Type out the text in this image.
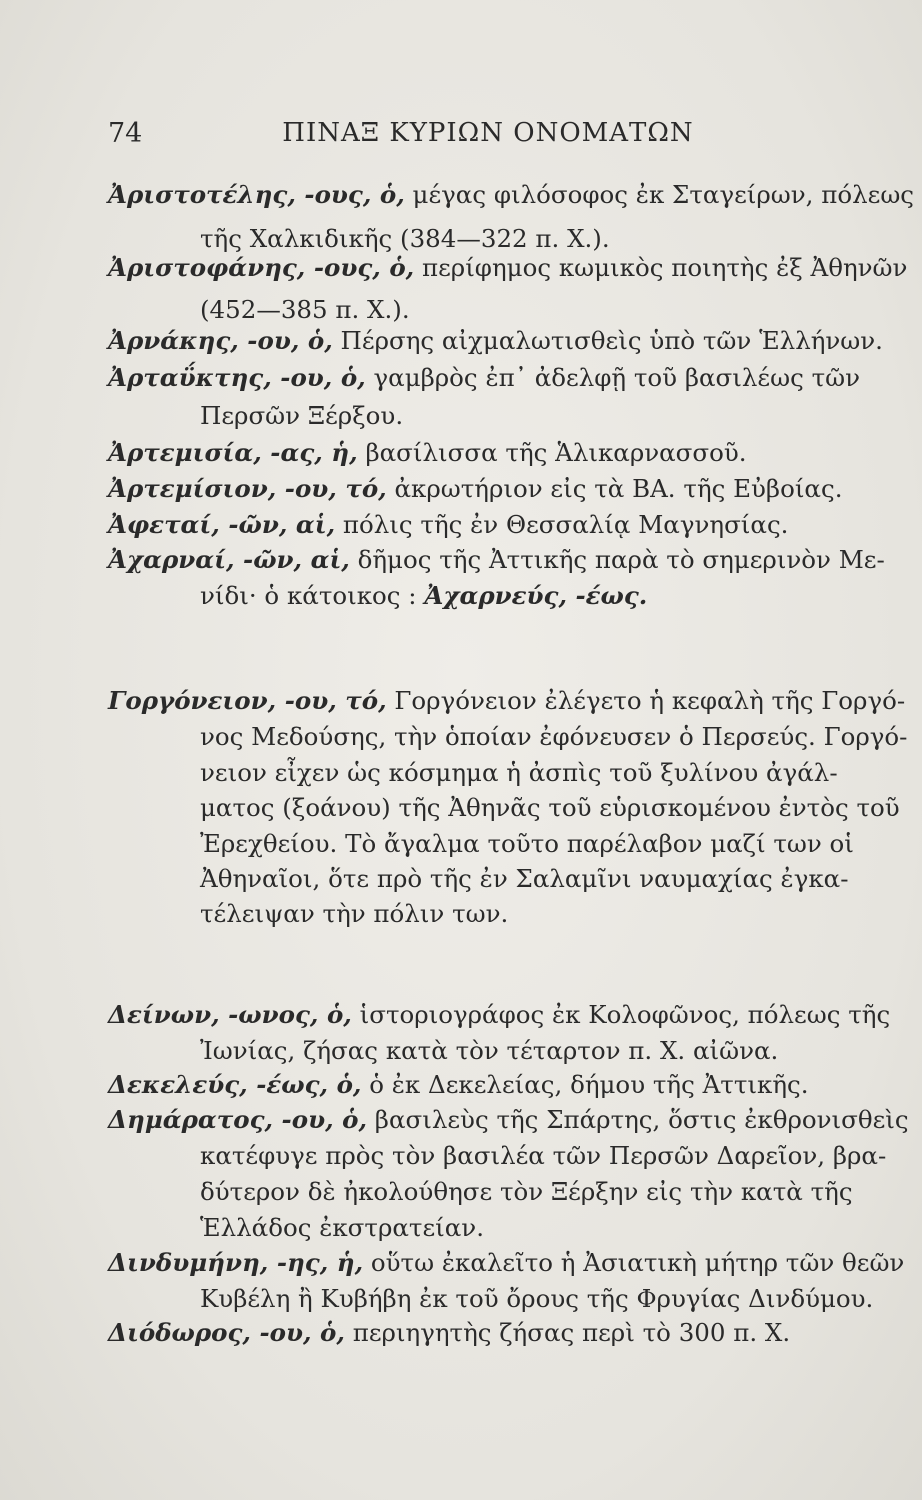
74	ΠΙΝΑΞ ΚΥΡΙΩΝ ΟΝΟΜΑΤΩΝ
Ἀριστοτέλης, -ους, ὁ, μέγας φιλόσοφος ἐκ Σταγείρων, πόλεως
τῆς Χαλκιδικῆς (384—322 π. Χ.).
Ἀριστοφάνης, -ους, ὁ, περίφημος κωμικὸς ποιητὴς ἐξ Ἀθηνῶν
(452—385 π. Χ.).
Ἀρνάκης, -ου, ὁ, Πέρσης αἰχμαλωτισθεὶς ὑπὸ τῶν Ἑλλήνων.
Ἀρταΰκτης, -ου, ὁ, γαμβρὸς ἐπ᾽ ἀδελφῇ τοῦ βασιλέως τῶν
Περσῶν Ξέρξου.
Ἀρτεμισία, -ας, ἡ, βασίλισσα τῆς Ἁλικαρνασσοῦ.
Ἀρτεμίσιον, -ου, τό, ἀκρωτήριον εἰς τὰ ΒΑ. τῆς Εὐβοίας.
Ἀφεταί, -ῶν, αἱ, πόλις τῆς ἐν Θεσσαλίᾳ Μαγνησίας.
Ἀχαρναί, -ῶν, αἱ, δῆμος τῆς Ἀττικῆς παρὰ τὸ σημερινὸν Με-
νίδι· ὁ κάτοικος : Ἀχαρνεύς, -έως.
Γοργόνειον, -ου, τό, Γοργόνειον ἐλέγετο ἡ κεφαλὴ τῆς Γοργό-
νος Μεδούσης, τὴν ὁποίαν ἐφόνευσεν ὁ Περσεύς. Γοργό-
νειον εἶχεν ὡς κόσμημα ἡ ἀσπὶς τοῦ ξυλίνου ἀγάλ-
ματος (ξοάνου) τῆς Ἀθηνᾶς τοῦ εὑρισκομένου ἐντὸς τοῦ
Ἐρεχθείου. Τὸ ἄγαλμα τοῦτο παρέλαβον μαζί των οἱ
Ἀθηναῖοι, ὅτε πρὸ τῆς ἐν Σαλαμῖνι ναυμαχίας ἐγκα-
τέλειψαν τὴν πόλιν των.
Δείνων, -ωνος, ὁ, ἱστοριογράφος ἐκ Κολοφῶνος, πόλεως τῆς
Ἰωνίας, ζήσας κατὰ τὸν τέταρτον π. Χ. αἰῶνα.
Δεκελεύς, -έως, ὁ, ὁ ἐκ Δεκελείας, δήμου τῆς Ἀττικῆς.
Δημάρατος, -ου, ὁ, βασιλεὺς τῆς Σπάρτης, ὅστις ἐκθρονισθεὶς
κατέφυγε πρὸς τὸν βασιλέα τῶν Περσῶν Δαρεῖον, βρα-
δύτερον δὲ ἠκολούθησε τὸν Ξέρξην εἰς τὴν κατὰ τῆς
Ἑλλάδος ἐκστρατείαν.
Δινδυμήνη, -ης, ἡ, οὕτω ἐκαλεῖτο ἡ Ἀσιατικὴ μήτηρ τῶν θεῶν
Κυβέλη ἢ Κυβήβη ἐκ τοῦ ὄρους τῆς Φρυγίας Δινδύμου.
Διόδωρος, -ου, ὁ, περιηγητὴς ζήσας περὶ τὸ 300 π. Χ.
